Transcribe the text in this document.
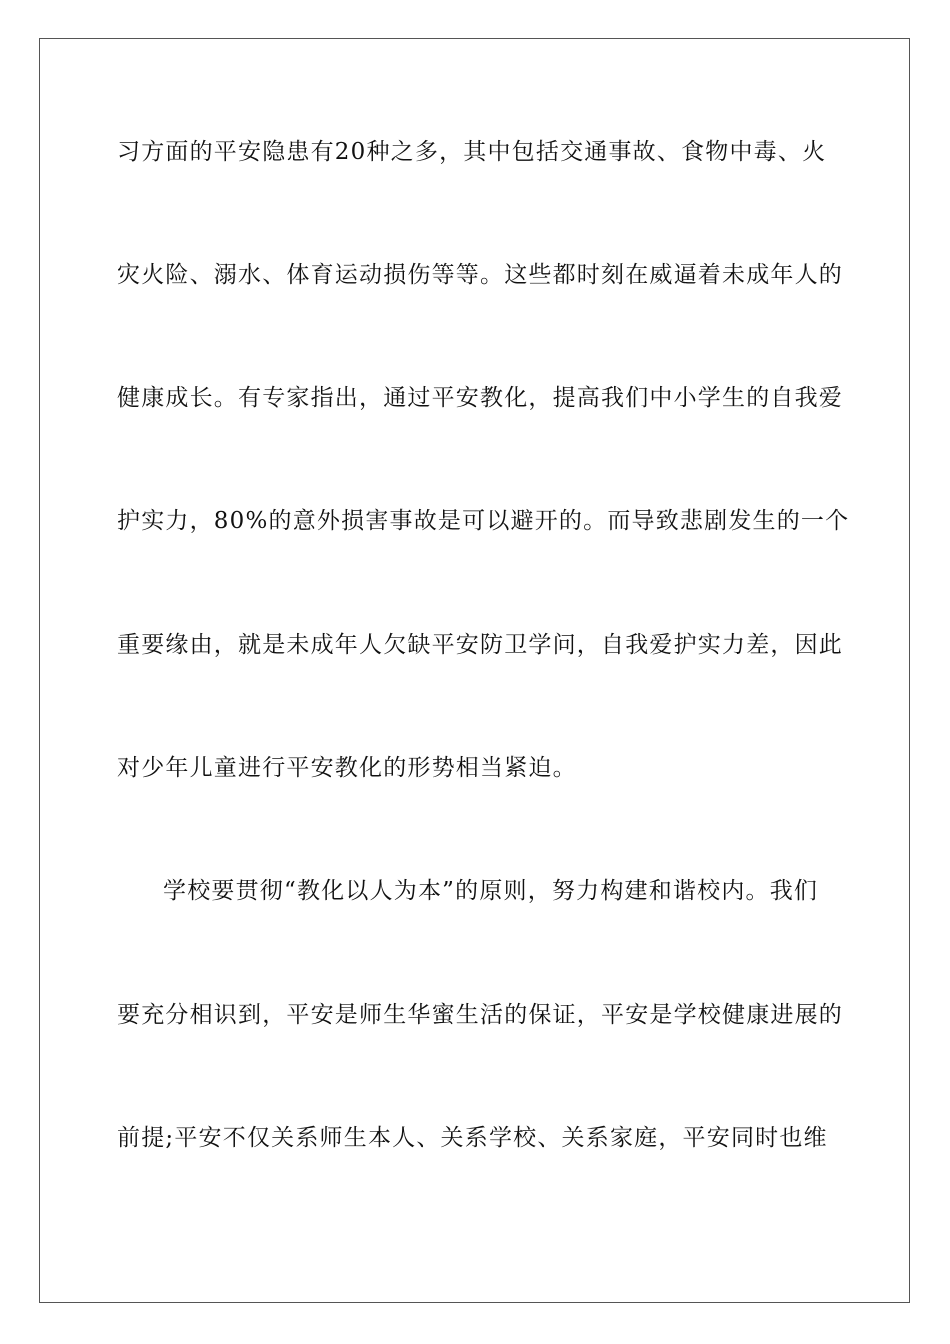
习方面的平安隐患有20种之多，其中包括交通事故、食物中毒、火
灾火险、溺水、体育运动损伤等等。这些都时刻在威逼着未成年人的
健康成长。有专家指出，通过平安教化，提高我们中小学生的自我爱
护实力，80%的意外损害事故是可以避开的。而导致悲剧发生的一个
重要缘由，就是未成年人欠缺平安防卫学问，自我爱护实力差，因此
对少年儿童进行平安教化的形势相当紧迫。
学校要贯彻“教化以人为本”的原则，努力构建和谐校内。我们
要充分相识到，平安是师生华蜜生活的保证，平安是学校健康进展的
前提;平安不仅关系师生本人、关系学校、关系家庭，平安同时也维
